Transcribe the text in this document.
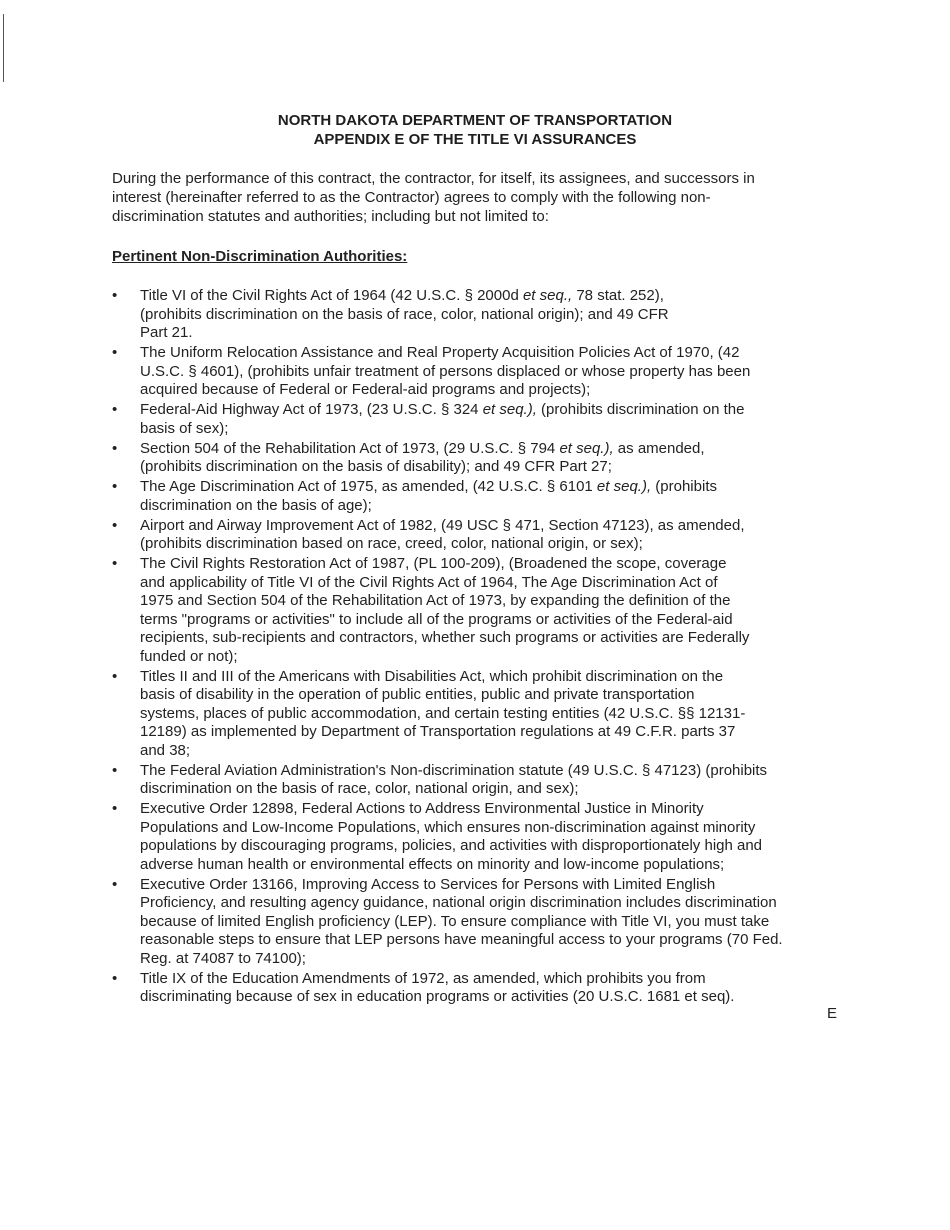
NORTH DAKOTA DEPARTMENT OF TRANSPORTATION
APPENDIX E OF THE TITLE VI ASSURANCES
During the performance of this contract, the contractor, for itself, its assignees, and successors in
interest (hereinafter referred to as the Contractor) agrees to comply with the following non-
discrimination statutes and authorities; including but not limited to:
Pertinent Non-Discrimination Authorities:
• Title VI of the Civil Rights Act of 1964 (42 U.S.C. § 2000d et seq., 78 stat. 252),
(prohibits discrimination on the basis of race, color, national origin); and 49 CFR
Part 21.
• The Uniform Relocation Assistance and Real Property Acquisition Policies Act of 1970, (42
U.S.C. § 4601), (prohibits unfair treatment of persons displaced or whose property has been
acquired because of Federal or Federal-aid programs and projects);
• Federal-Aid Highway Act of 1973, (23 U.S.C. § 324 et seq.), (prohibits discrimination on the
basis of sex);
• Section 504 of the Rehabilitation Act of 1973, (29 U.S.C. § 794 et seq.), as amended,
(prohibits discrimination on the basis of disability); and 49 CFR Part 27;
• The Age Discrimination Act of 1975, as amended, (42 U.S.C. § 6101 et seq.), (prohibits
discrimination on the basis of age);
• Airport and Airway Improvement Act of 1982, (49 USC § 471, Section 47123), as amended,
(prohibits discrimination based on race, creed, color, national origin, or sex);
• The Civil Rights Restoration Act of 1987, (PL 100-209), (Broadened the scope, coverage
and applicability of Title VI of the Civil Rights Act of 1964, The Age Discrimination Act of
1975 and Section 504 of the Rehabilitation Act of 1973, by expanding the definition of the
terms "programs or activities" to include all of the programs or activities of the Federal-aid
recipients, sub-recipients and contractors, whether such programs or activities are Federally
funded or not);
• Titles II and III of the Americans with Disabilities Act, which prohibit discrimination on the
basis of disability in the operation of public entities, public and private transportation
systems, places of public accommodation, and certain testing entities (42 U.S.C. §§ 12131-
12189) as implemented by Department of Transportation regulations at 49 C.F.R. parts 37
and 38;
• The Federal Aviation Administration's Non-discrimination statute (49 U.S.C. § 47123) (prohibits
discrimination on the basis of race, color, national origin, and sex);
• Executive Order 12898, Federal Actions to Address Environmental Justice in Minority
Populations and Low-Income Populations, which ensures non-discrimination against minority
populations by discouraging programs, policies, and activities with disproportionately high and
adverse human health or environmental effects on minority and low-income populations;
• Executive Order 13166, Improving Access to Services for Persons with Limited English
Proficiency, and resulting agency guidance, national origin discrimination includes discrimination
because of limited English proficiency (LEP). To ensure compliance with Title VI, you must take
reasonable steps to ensure that LEP persons have meaningful access to your programs (70 Fed.
Reg. at 74087 to 74100);
• Title IX of the Education Amendments of 1972, as amended, which prohibits you from
discriminating because of sex in education programs or activities (20 U.S.C. 1681 et seq).
E
